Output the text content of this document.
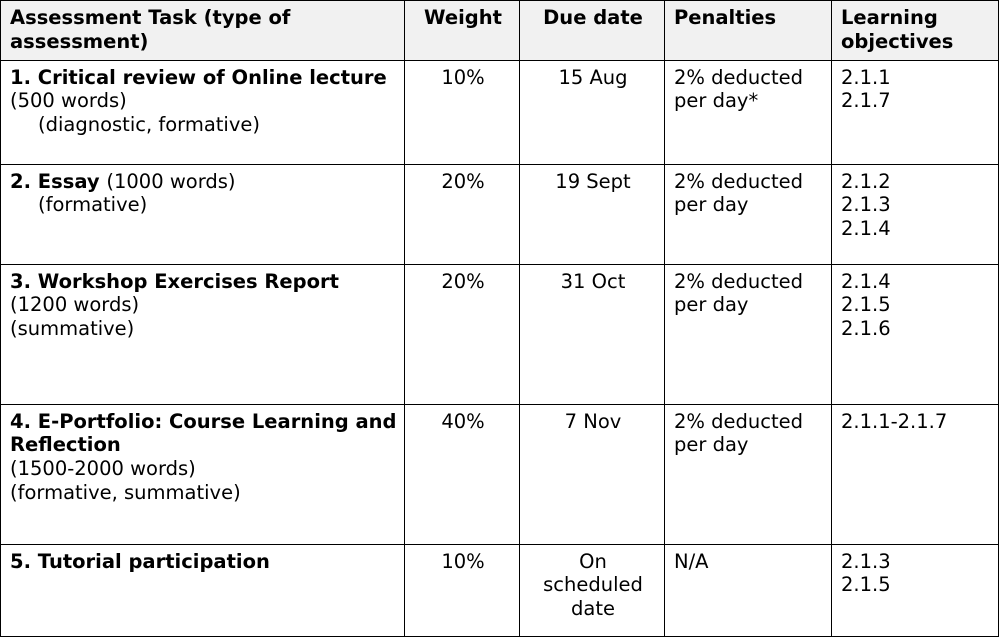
Assessment Task (type of assessment)	Weight	Due date	Penalties	Learning objectives
1. Critical review of Online lecture (500 words)
(diagnostic, formative)	10%	15 Aug	2% deducted per day*	2.1.1
2.1.7

2. Essay (1000 words)
(formative)	20%	19 Sept	2% deducted per day	2.1.2
2.1.3
2.1.4

3. Workshop Exercises Report
(1200 words)
(summative)	20%	31 Oct	2% deducted per day	2.1.4
2.1.5
2.1.6

4. E-Portfolio: Course Learning and Reflection
(1500-2000 words)
(formative, summative)	40%	7 Nov	2% deducted per day	2.1.1-2.1.7

5. Tutorial participation	10%	On scheduled date	N/A	2.1.3
2.1.5
